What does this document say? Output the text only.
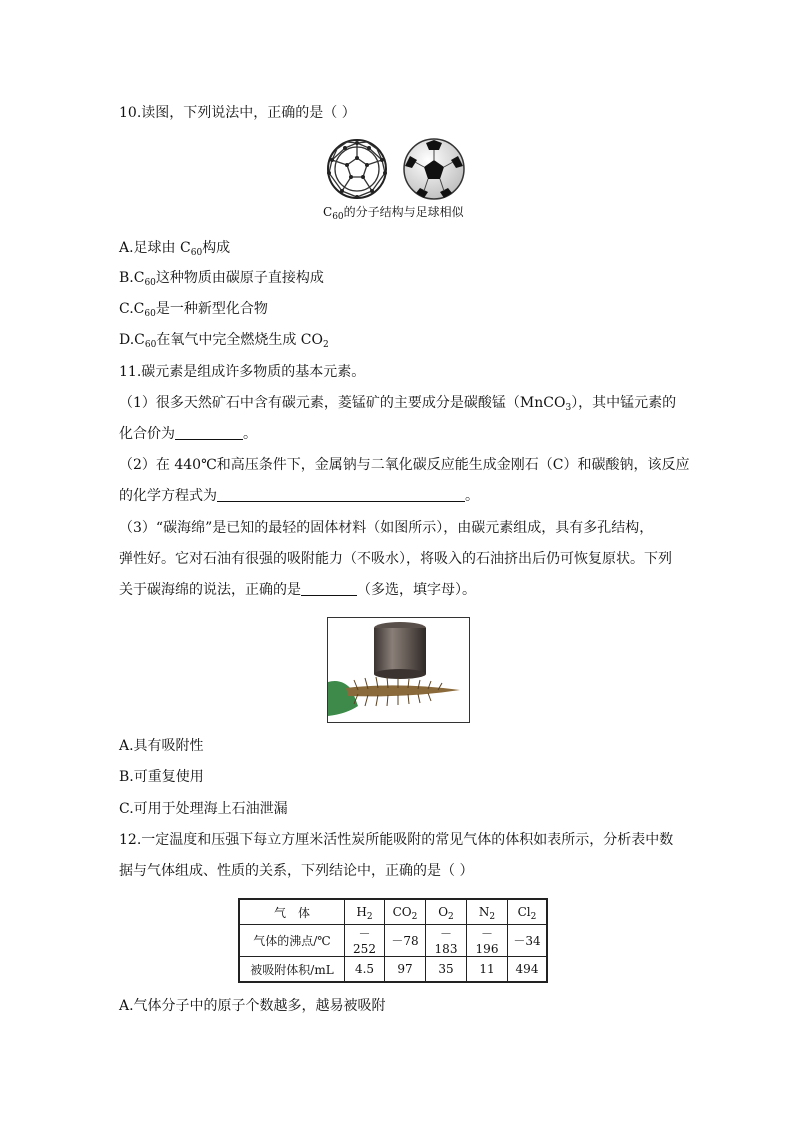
10.读图，下列说法中，正确的是（ ）
$C_{60}$的分子结构与足球相似
A.足球由 $C_{60}$构成
$B.C_{60}$这种物质由碳原子直接构成
$C.C_{60}$是一种新型化合物
$D.C_{60}$在氧气中完全燃烧生成 $CO_2$
11.碳元素是组成许多物质的基本元素。
（1）很多天然矿石中含有碳元素，菱锰矿的主要成分是碳酸锰（MnCO$_3$），其中锰元素的
化合价为	。
（2）在 440℃和高压条件下，金属钠与二氧化碳反应能生成金刚石（C）和碳酸钠，该反应
的化学方程式为	。
（3）“碳海绵”是已知的最轻的固体材料（如图所示），由碳元素组成，具有多孔结构，
弹性好。它对石油有很强的吸附能力（不吸水），将吸入的石油挤出后仍可恢复原状。下列
关于碳海绵的说法，正确的是	（多选，填字母）。
A.具有吸附性
B.可重复使用
C.可用于处理海上石油泄漏
12.一定温度和压强下每立方厘米活性炭所能吸附的常见气体的体积如表所示，分析表中数
据与气体组成、性质的关系，下列结论中，正确的是（ ）
气　体	$H_2$	$CO_2$	$O_2$	$N_2$	$Cl_2$
气体的沸点/℃	－252	－78	－183	－196	－34
被吸附体积/mL	4.5	97	35	11	494
A.气体分子中的原子个数越多，越易被吸附
